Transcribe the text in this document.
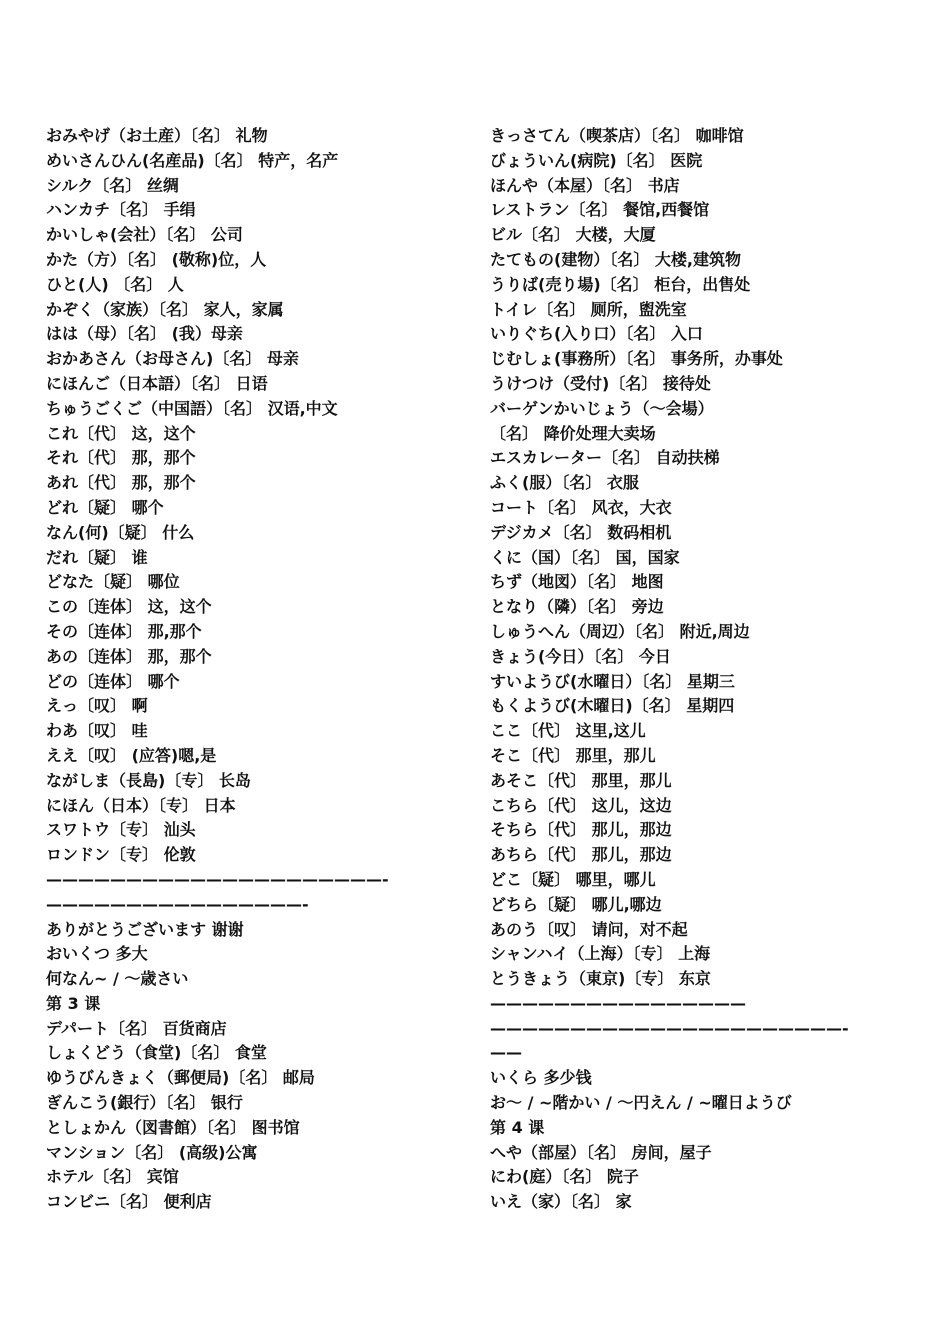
おみやげ（お土産）〔名〕 礼物
めいさんひん(名産品)〔名〕 特产，名产
シルク〔名〕 丝绸
ハンカチ〔名〕 手绢
かいしゃ(会社）〔名〕 公司
かた（方）〔名〕 (敬称)位，人
ひと(人) 〔名〕 人
かぞく（家族）〔名〕 家人，家属
はは（母）〔名〕 (我）母亲
おかあさん（お母さん)〔名〕 母亲
にほんご（日本語）〔名〕 日语
ちゅうごくご（中国語）〔名〕 汉语,中文
これ〔代〕 这，这个
それ〔代〕 那，那个
あれ〔代〕 那，那个
どれ〔疑〕 哪个
なん(何)〔疑〕 什么
だれ〔疑〕 谁
どなた〔疑〕 哪位
この〔连体〕 这，这个
その〔连体〕 那,那个
あの〔连体〕 那，那个
どの〔连体〕 哪个
えっ〔叹〕 啊
わあ〔叹〕 哇
ええ〔叹〕 (应答)嗯,是
ながしま（長島)〔专〕 长岛
にほん（日本）〔专〕 日本
スワトウ〔专〕 汕头
ロンドン〔专〕 伦敦
—————————————————————-
————————————————-
ありがとうございます 谢谢
おいくつ 多大
何なん~ / ～歳さい
第 3 课
デパート〔名〕 百货商店
しょくどう（食堂)〔名〕 食堂
ゆうびんきょく（郵便局)〔名〕 邮局
ぎんこう(銀行）〔名〕 银行
としょかん（図書館）〔名〕 图书馆
マンション〔名〕 (高级)公寓
ホテル〔名〕 宾馆
コンビニ〔名〕 便利店
きっさてん（喫茶店）〔名〕 咖啡馆
びょういん(病院)〔名〕 医院
ほんや（本屋）〔名〕 书店
レストラン〔名〕 餐馆,西餐馆
ビル〔名〕 大楼，大厦
たてもの(建物）〔名〕 大楼,建筑物
うりば(売り場)〔名〕 柜台，出售处
トイレ〔名〕 厕所，盥洗室
いりぐち(入り口）〔名〕 入口
じむしょ(事務所）〔名〕 事务所，办事处
うけつけ（受付)〔名〕 接待处
バーゲンかいじょう（～会場）
〔名〕 降价处理大卖场
エスカレーター〔名〕 自动扶梯
ふく(服）〔名〕 衣服
コート〔名〕 风衣，大衣
デジカメ〔名〕 数码相机
くに（国）〔名〕 国，国家
ちず（地図）〔名〕 地图
となり（隣）〔名〕 旁边
しゅうへん（周辺）〔名〕 附近,周边
きょう(今日）〔名〕 今日
すいようび(水曜日）〔名〕 星期三
もくようび(木曜日)〔名〕 星期四
ここ〔代〕 这里,这儿
そこ〔代〕 那里，那儿
あそこ〔代〕 那里，那儿
こちら〔代〕 这儿，这边
そちら〔代〕 那儿，那边
あちら〔代〕 那儿，那边
どこ〔疑〕 哪里，哪儿
どちら〔疑〕 哪儿,哪边
あのう〔叹〕 请问，对不起
シャンハイ（上海）〔专〕 上海
とうきょう（東京)〔专〕 东京
————————————————
——————————————————————-
——
いくら 多少钱
お～ / ~階かい / ～円えん / ~曜日ようび
第 4 课
へや（部屋）〔名〕 房间，屋子
にわ(庭）〔名〕 院子
いえ（家）〔名〕 家
